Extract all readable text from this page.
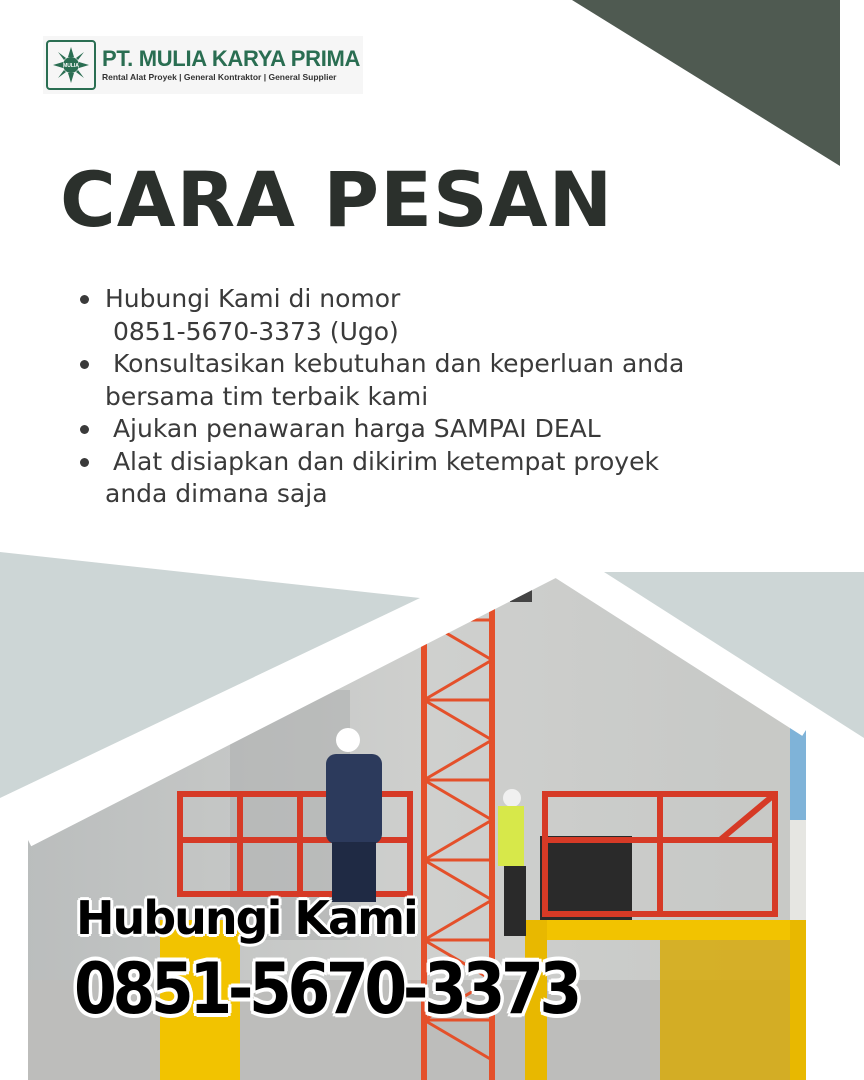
MULIA PT. MULIA KARYA PRIMA
Rental Alat Proyek | General Kontraktor | General Supplier
CARA PESAN
Hubungi Kami di nomor
0851-5670-3373 (Ugo)
Konsultasikan kebutuhan dan keperluan anda bersama tim terbaik kami
Ajukan penawaran harga SAMPAI DEAL
Alat disiapkan dan dikirim ketempat proyek anda dimana saja
Hubungi Kami
0851-5670-3373
